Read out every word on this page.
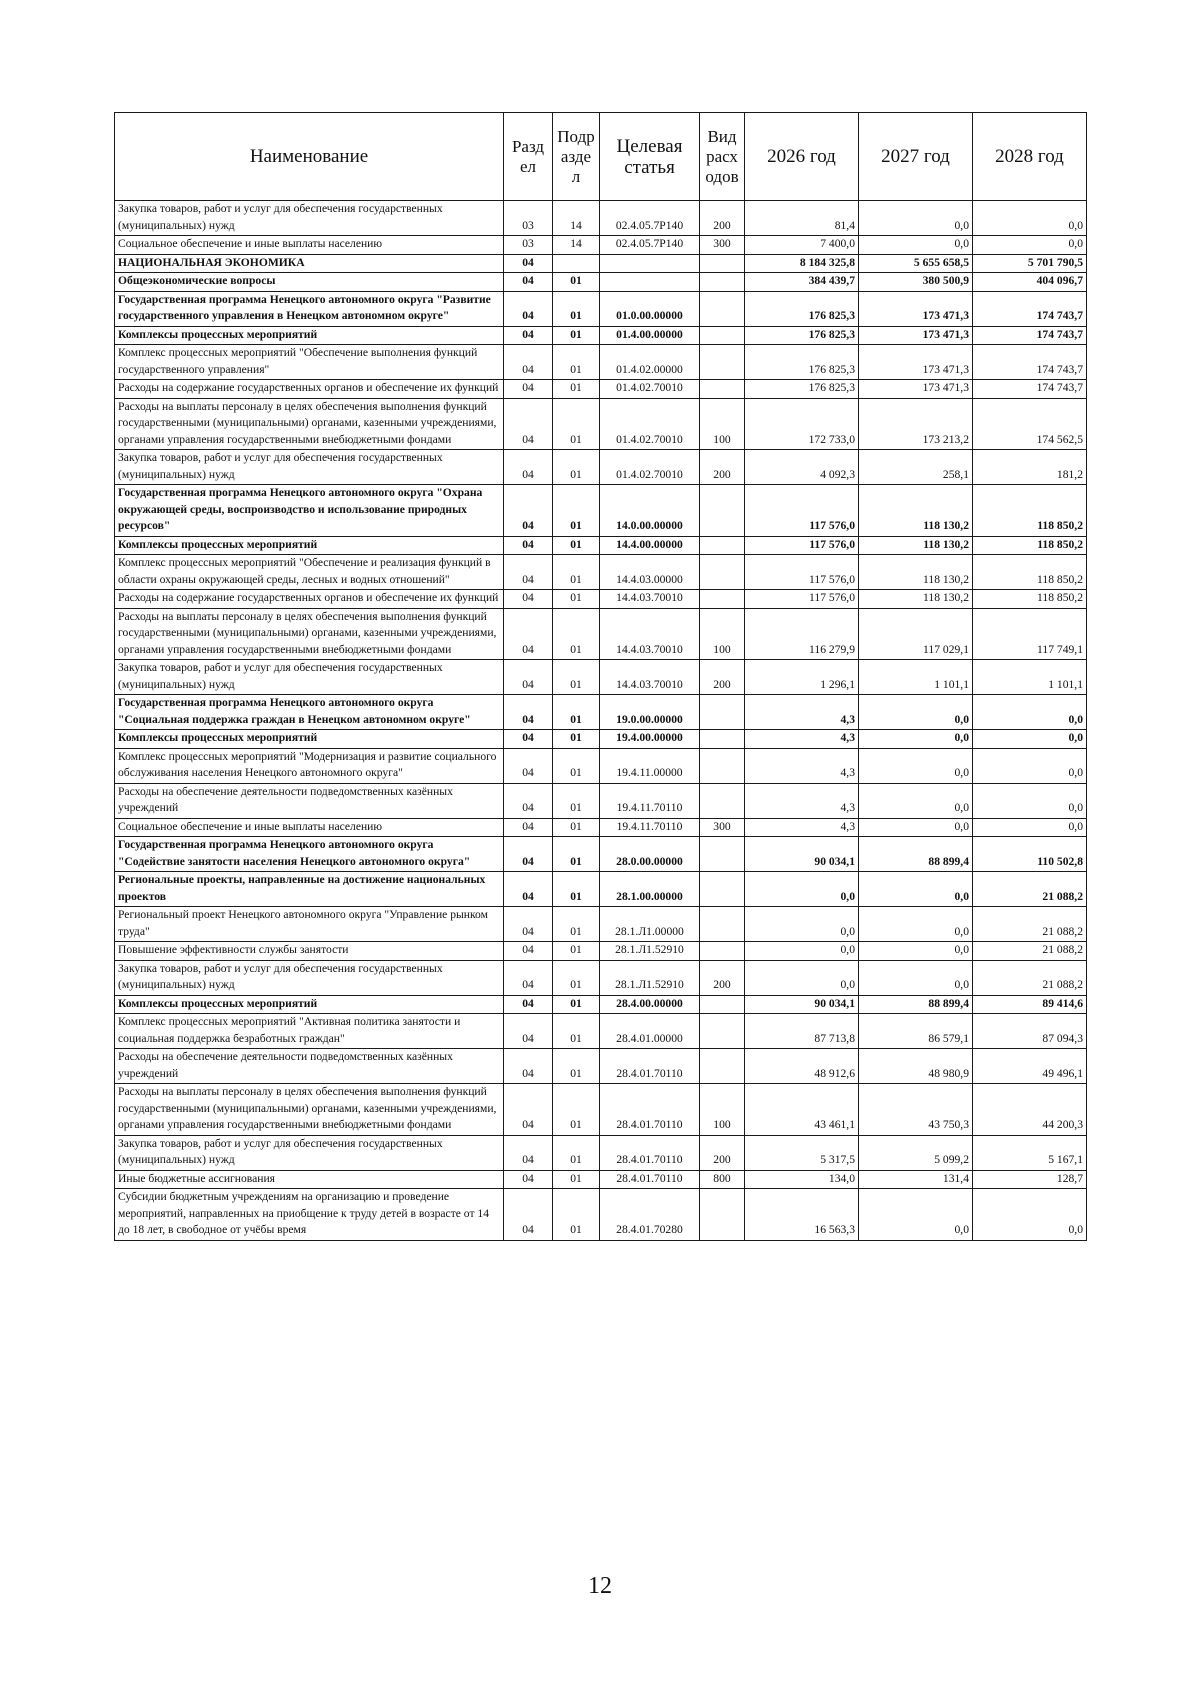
Наименование	Разд ел	Подр азде л	Целевая статья	Вид расх одов	2026 год	2027 год	2028 год
Закупка товаров, работ и услуг для обеспечения государственных (муниципальных) нужд	03	14	02.4.05.7Р140	200	81,4	0,0	0,0
Социальное обеспечение и иные выплаты населению	03	14	02.4.05.7Р140	300	7 400,0	0,0	0,0
НАЦИОНАЛЬНАЯ ЭКОНОМИКА	04				8 184 325,8	5 655 658,5	5 701 790,5
Общеэкономические вопросы	04	01			384 439,7	380 500,9	404 096,7
Государственная программа Ненецкого автономного округа "Развитие государственного управления в Ненецком автономном округе"	04	01	01.0.00.00000		176 825,3	173 471,3	174 743,7
Комплексы процессных мероприятий	04	01	01.4.00.00000		176 825,3	173 471,3	174 743,7
Комплекс процессных мероприятий "Обеспечение выполнения функций государственного управления"	04	01	01.4.02.00000		176 825,3	173 471,3	174 743,7
Расходы на содержание государственных органов и обеспечение их функций	04	01	01.4.02.70010		176 825,3	173 471,3	174 743,7
Расходы на выплаты персоналу в целях обеспечения выполнения функций государственными (муниципальными) органами, казенными учреждениями, органами управления государственными внебюджетными фондами	04	01	01.4.02.70010	100	172 733,0	173 213,2	174 562,5
Закупка товаров, работ и услуг для обеспечения государственных (муниципальных) нужд	04	01	01.4.02.70010	200	4 092,3	258,1	181,2
Государственная программа Ненецкого автономного округа "Охрана окружающей среды, воспроизводство и использование природных ресурсов"	04	01	14.0.00.00000		117 576,0	118 130,2	118 850,2
Комплексы процессных мероприятий	04	01	14.4.00.00000		117 576,0	118 130,2	118 850,2
Комплекс процессных мероприятий "Обеспечение и реализация функций в области охраны окружающей среды, лесных и водных отношений"	04	01	14.4.03.00000		117 576,0	118 130,2	118 850,2
Расходы на содержание государственных органов и обеспечение их функций	04	01	14.4.03.70010		117 576,0	118 130,2	118 850,2
Расходы на выплаты персоналу в целях обеспечения выполнения функций государственными (муниципальными) органами, казенными учреждениями, органами управления государственными внебюджетными фондами	04	01	14.4.03.70010	100	116 279,9	117 029,1	117 749,1
Закупка товаров, работ и услуг для обеспечения государственных (муниципальных) нужд	04	01	14.4.03.70010	200	1 296,1	1 101,1	1 101,1
Государственная программа Ненецкого автономного округа "Социальная поддержка граждан в Ненецком автономном округе"	04	01	19.0.00.00000		4,3	0,0	0,0
Комплексы процессных мероприятий	04	01	19.4.00.00000		4,3	0,0	0,0
Комплекс процессных мероприятий "Модернизация и развитие социального обслуживания населения Ненецкого автономного округа"	04	01	19.4.11.00000		4,3	0,0	0,0
Расходы на обеспечение деятельности подведомственных казённых учреждений	04	01	19.4.11.70110		4,3	0,0	0,0
Социальное обеспечение и иные выплаты населению	04	01	19.4.11.70110	300	4,3	0,0	0,0
Государственная программа Ненецкого автономного округа "Содействие занятости населения Ненецкого автономного округа"	04	01	28.0.00.00000		90 034,1	88 899,4	110 502,8
Региональные проекты, направленные на достижение национальных проектов	04	01	28.1.00.00000		0,0	0,0	21 088,2
Региональный проект Ненецкого автономного округа "Управление рынком труда"	04	01	28.1.Л1.00000		0,0	0,0	21 088,2
Повышение эффективности службы занятости	04	01	28.1.Л1.52910		0,0	0,0	21 088,2
Закупка товаров, работ и услуг для обеспечения государственных (муниципальных) нужд	04	01	28.1.Л1.52910	200	0,0	0,0	21 088,2
Комплексы процессных мероприятий	04	01	28.4.00.00000		90 034,1	88 899,4	89 414,6
Комплекс процессных мероприятий "Активная политика занятости и социальная поддержка безработных граждан"	04	01	28.4.01.00000		87 713,8	86 579,1	87 094,3
Расходы на обеспечение деятельности подведомственных казённых учреждений	04	01	28.4.01.70110		48 912,6	48 980,9	49 496,1
Расходы на выплаты персоналу в целях обеспечения выполнения функций государственными (муниципальными) органами, казенными учреждениями, органами управления государственными внебюджетными фондами	04	01	28.4.01.70110	100	43 461,1	43 750,3	44 200,3
Закупка товаров, работ и услуг для обеспечения государственных (муниципальных) нужд	04	01	28.4.01.70110	200	5 317,5	5 099,2	5 167,1
Иные бюджетные ассигнования	04	01	28.4.01.70110	800	134,0	131,4	128,7
Субсидии бюджетным учреждениям на организацию и проведение мероприятий, направленных на приобщение к труду детей в возрасте от 14 до 18 лет, в свободное от учёбы время	04	01	28.4.01.70280		16 563,3	0,0	0,0
12
